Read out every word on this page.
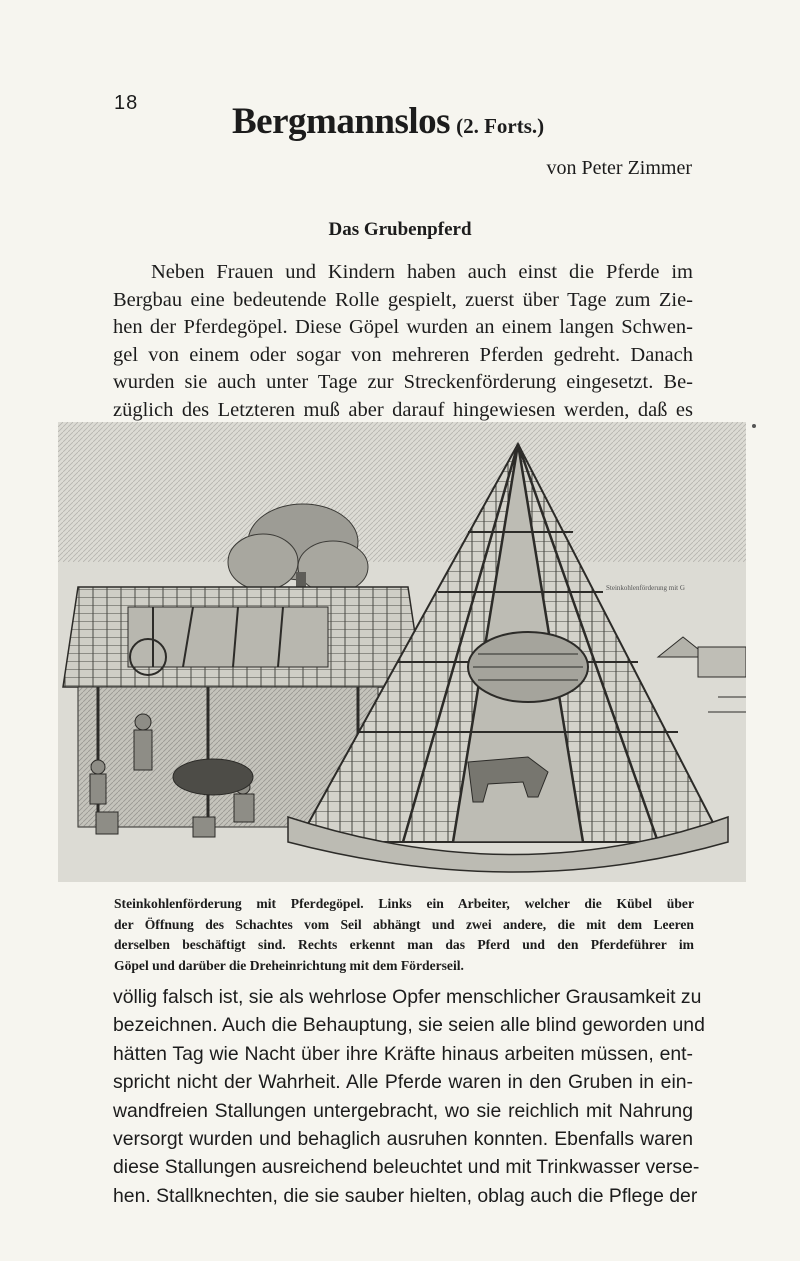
18	Bergmannslos (2. Forts.)
von Peter Zimmer
Das Grubenpferd
Neben Frauen und Kindern haben auch einst die Pferde im
Bergbau eine bedeutende Rolle gespielt, zuerst über Tage zum Zie-
hen der Pferdegöpel. Diese Göpel wurden an einem langen Schwen-
gel von einem oder sogar von mehreren Pferden gedreht. Danach
wurden sie auch unter Tage zur Streckenförderung eingesetzt. Be-
züglich des Letzteren muß aber darauf hingewiesen werden, daß es
Steinkohlenförderung mit G
Steinkohlenförderung mit Pferdegöpel. Links ein Arbeiter, welcher die Kübel über
der Öffnung des Schachtes vom Seil abhängt und zwei andere, die mit dem Leeren
derselben beschäftigt sind. Rechts erkennt man das Pferd und den Pferdeführer im
Göpel und darüber die Dreheinrichtung mit dem Förderseil.
völlig falsch ist, sie als wehrlose Opfer menschlicher Grausamkeit zu
bezeichnen. Auch die Behauptung, sie seien alle blind geworden und
hätten Tag wie Nacht über ihre Kräfte hinaus arbeiten müssen, ent-
spricht nicht der Wahrheit. Alle Pferde waren in den Gruben in ein-
wandfreien Stallungen untergebracht, wo sie reichlich mit Nahrung
versorgt wurden und behaglich ausruhen konnten. Ebenfalls waren
diese Stallungen ausreichend beleuchtet und mit Trinkwasser verse-
hen. Stallknechten, die sie sauber hielten, oblag auch die Pflege der
